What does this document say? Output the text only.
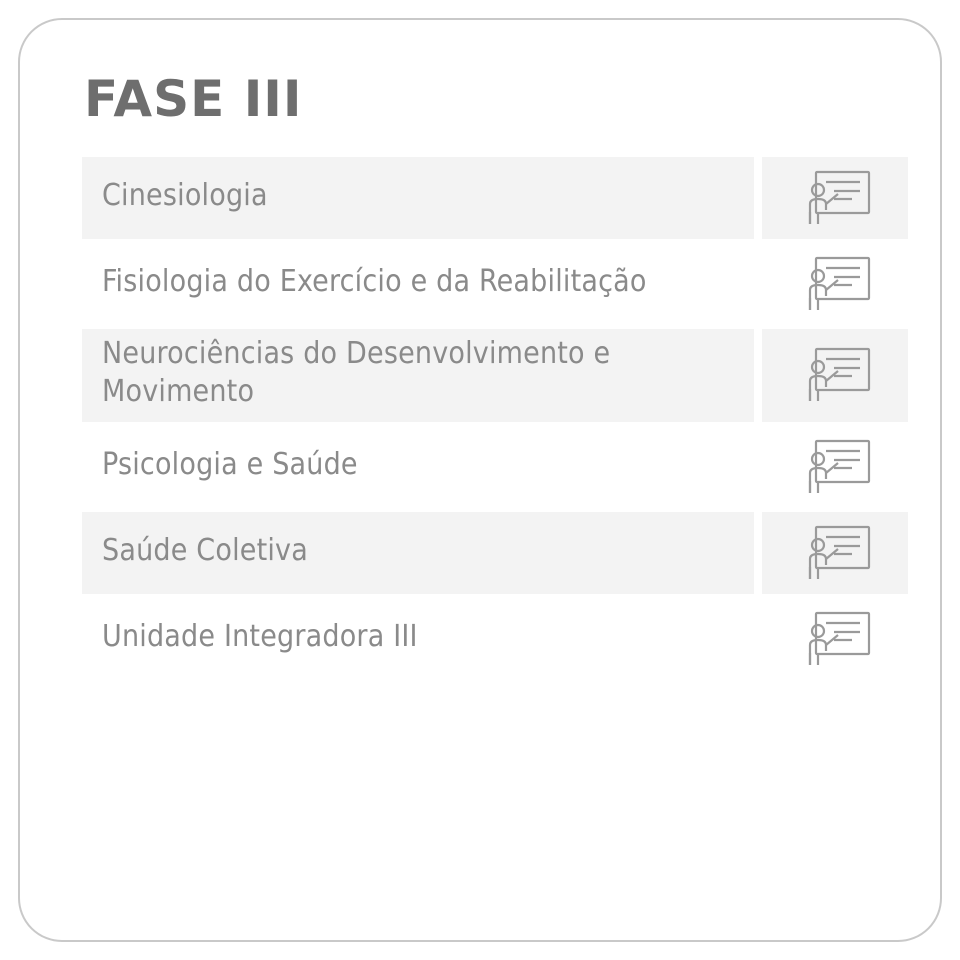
FASE III
Cinesiologia
Fisiologia do Exercício e da Reabilitação
Neurociências do Desenvolvimento e Movimento
Psicologia e Saúde
Saúde Coletiva
Unidade Integradora III
